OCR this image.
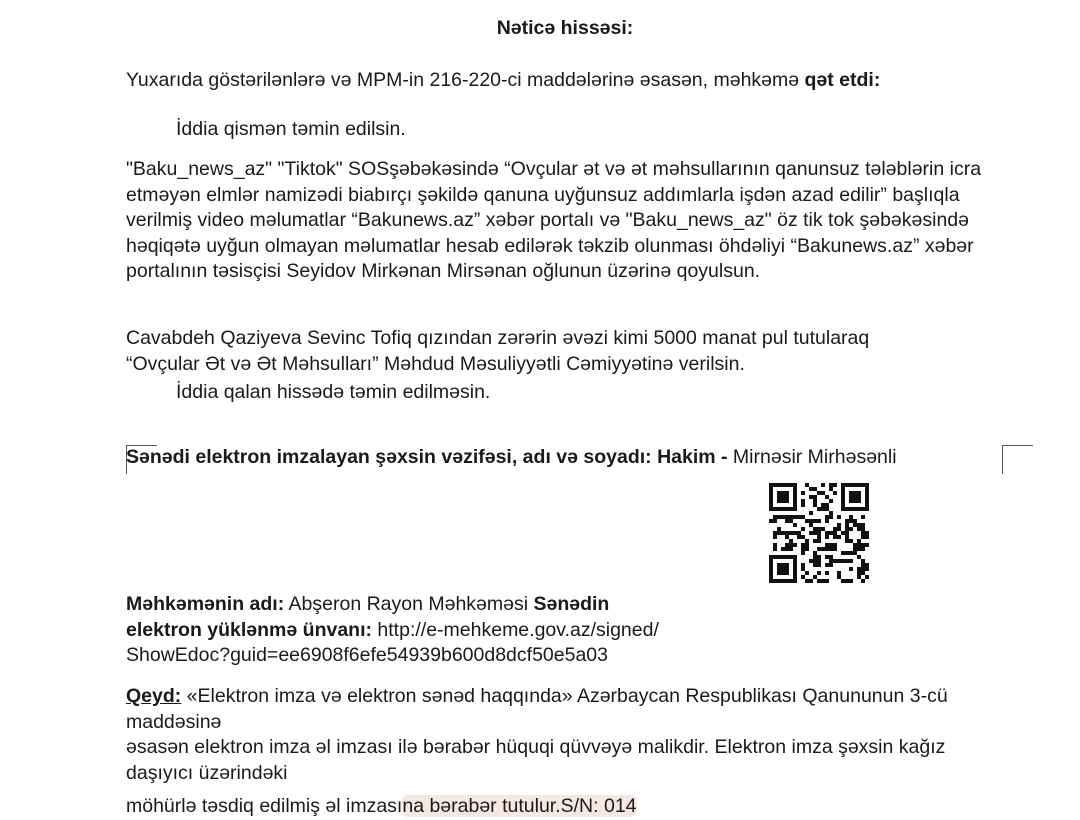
Nəticə hissəsi:
Yuxarıda göstərilənlərə və MPM-in 216-220-ci maddələrinə əsasən, məhkəmə qət etdi:
İddia qismən təmin edilsin.
"Baku_news_az" "Tiktok" SOSşəbəkəsində “Ovçular ət və ət məhsullarının qanunsuz tələblərin icra etməyən elmlər namizədi biabırçı şəkildə qanuna uyğunsuz addımlarla işdən azad edilir” başlıqla verilmiş video məlumatlar “Bakunews.az” xəbər portalı və "Baku_news_az" öz tik tok şəbəkəsində həqiqətə uyğun olmayan məlumatlar hesab edilərək təkzib olunması öhdəliyi “Bakunews.az” xəbər portalının təsisçisi Seyidov Mirkənan Mirsənan oğlunun üzərinə qoyulsun.
Cavabdeh Qaziyeva Sevinc Tofiq qızından zərərin əvəzi kimi 5000 manat pul tutularaq “Ovçular Ət və Ət Məhsulları” Məhdud Məsuliyyətli Cəmiyyətinə verilsin.
İddia qalan hissədə təmin edilməsin.
Sənədi elektron imzalayan şəxsin vəzifəsi, adı və soyadı: Hakim - Mirnəsir Mirhəsənli
Məhkəmənin adı: Abşeron Rayon Məhkəməsi Sənədin
elektron yüklənmə ünvanı: http://e-mehkeme.gov.az/signed/
ShowEdoc?guid=ee6908f6efe54939b600d8dcf50e5a03
Qeyd: «Elektron imza və elektron sənəd haqqında» Azərbaycan Respublikası Qanununun 3-cü
maddəsinə
əsasən elektron imza əl imzası ilə bərabər hüquqi qüvvəyə malikdir. Elektron imza şəxsin kağız
daşıyıcı üzərindəki
möhürlə təsdiq edilmiş əl imzasına bərabər tutulur.S/N: 014
